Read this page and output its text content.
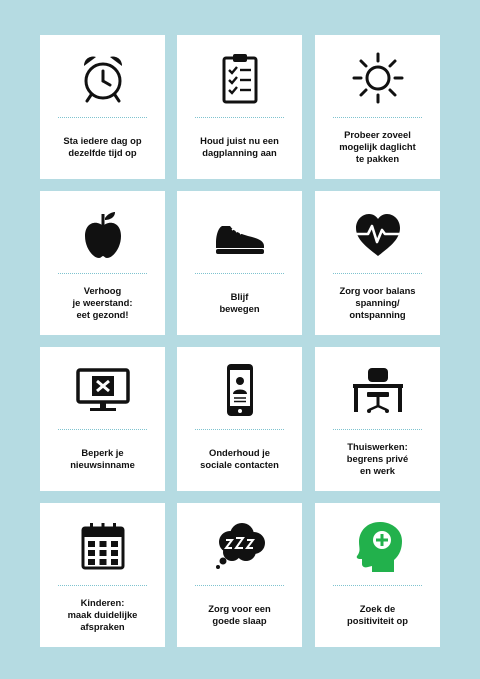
Sta iedere dag op
dezelfde tijd op
Houd juist nu een
dagplanning aan
Probeer zoveel
mogelijk daglicht
te pakken
Verhoog
je weerstand:
eet gezond!
Blijf
bewegen
Zorg voor balans
spanning/
ontspanning
Beperk je
nieuwsinname
Onderhoud je
sociale contacten
Thuiswerken:
begrens privé
en werk
Kinderen:
maak duidelijke
afspraken
Zorg voor een
goede slaap
Zoek de
positiviteit op
